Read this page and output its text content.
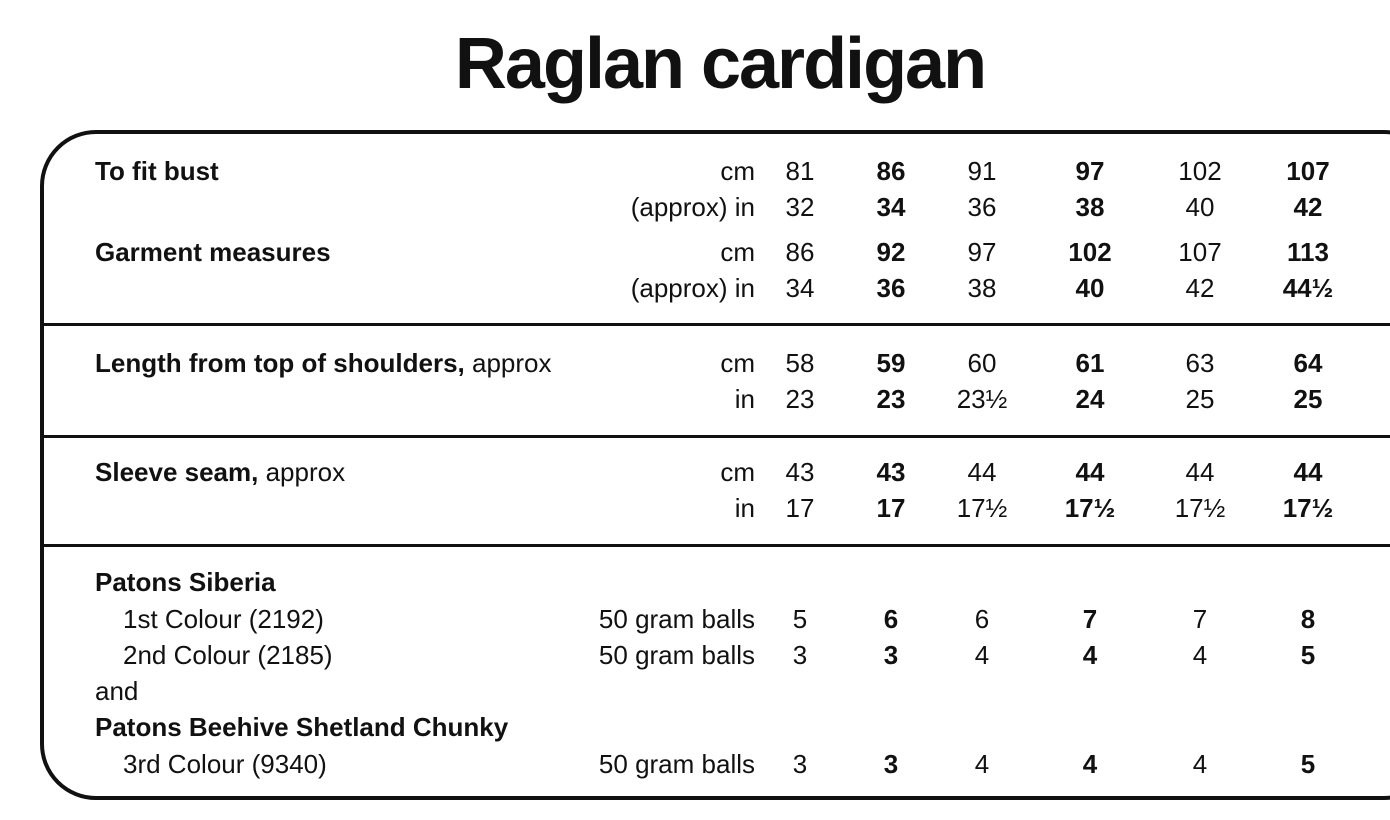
Raglan cardigan
To fit bust	cm	81	86	91	97	102	107
(approx) in	32	34	36	38	40	42
Garment measures	cm	86	92	97	102	107	113
(approx) in	34	36	38	40	42	44½
Length from top of shoulders, approx	cm	58	59	60	61	63	64
in	23	23	23½	24	25	25
Sleeve seam, approx	cm	43	43	44	44	44	44
in	17	17	17½	17½	17½	17½
Patons Siberia
1st Colour (2192)	50 gram balls	5	6	6	7	7	8
2nd Colour (2185)	50 gram balls	3	3	4	4	4	5
and
Patons Beehive Shetland Chunky
3rd Colour (9340)	50 gram balls	3	3	4	4	4	5
